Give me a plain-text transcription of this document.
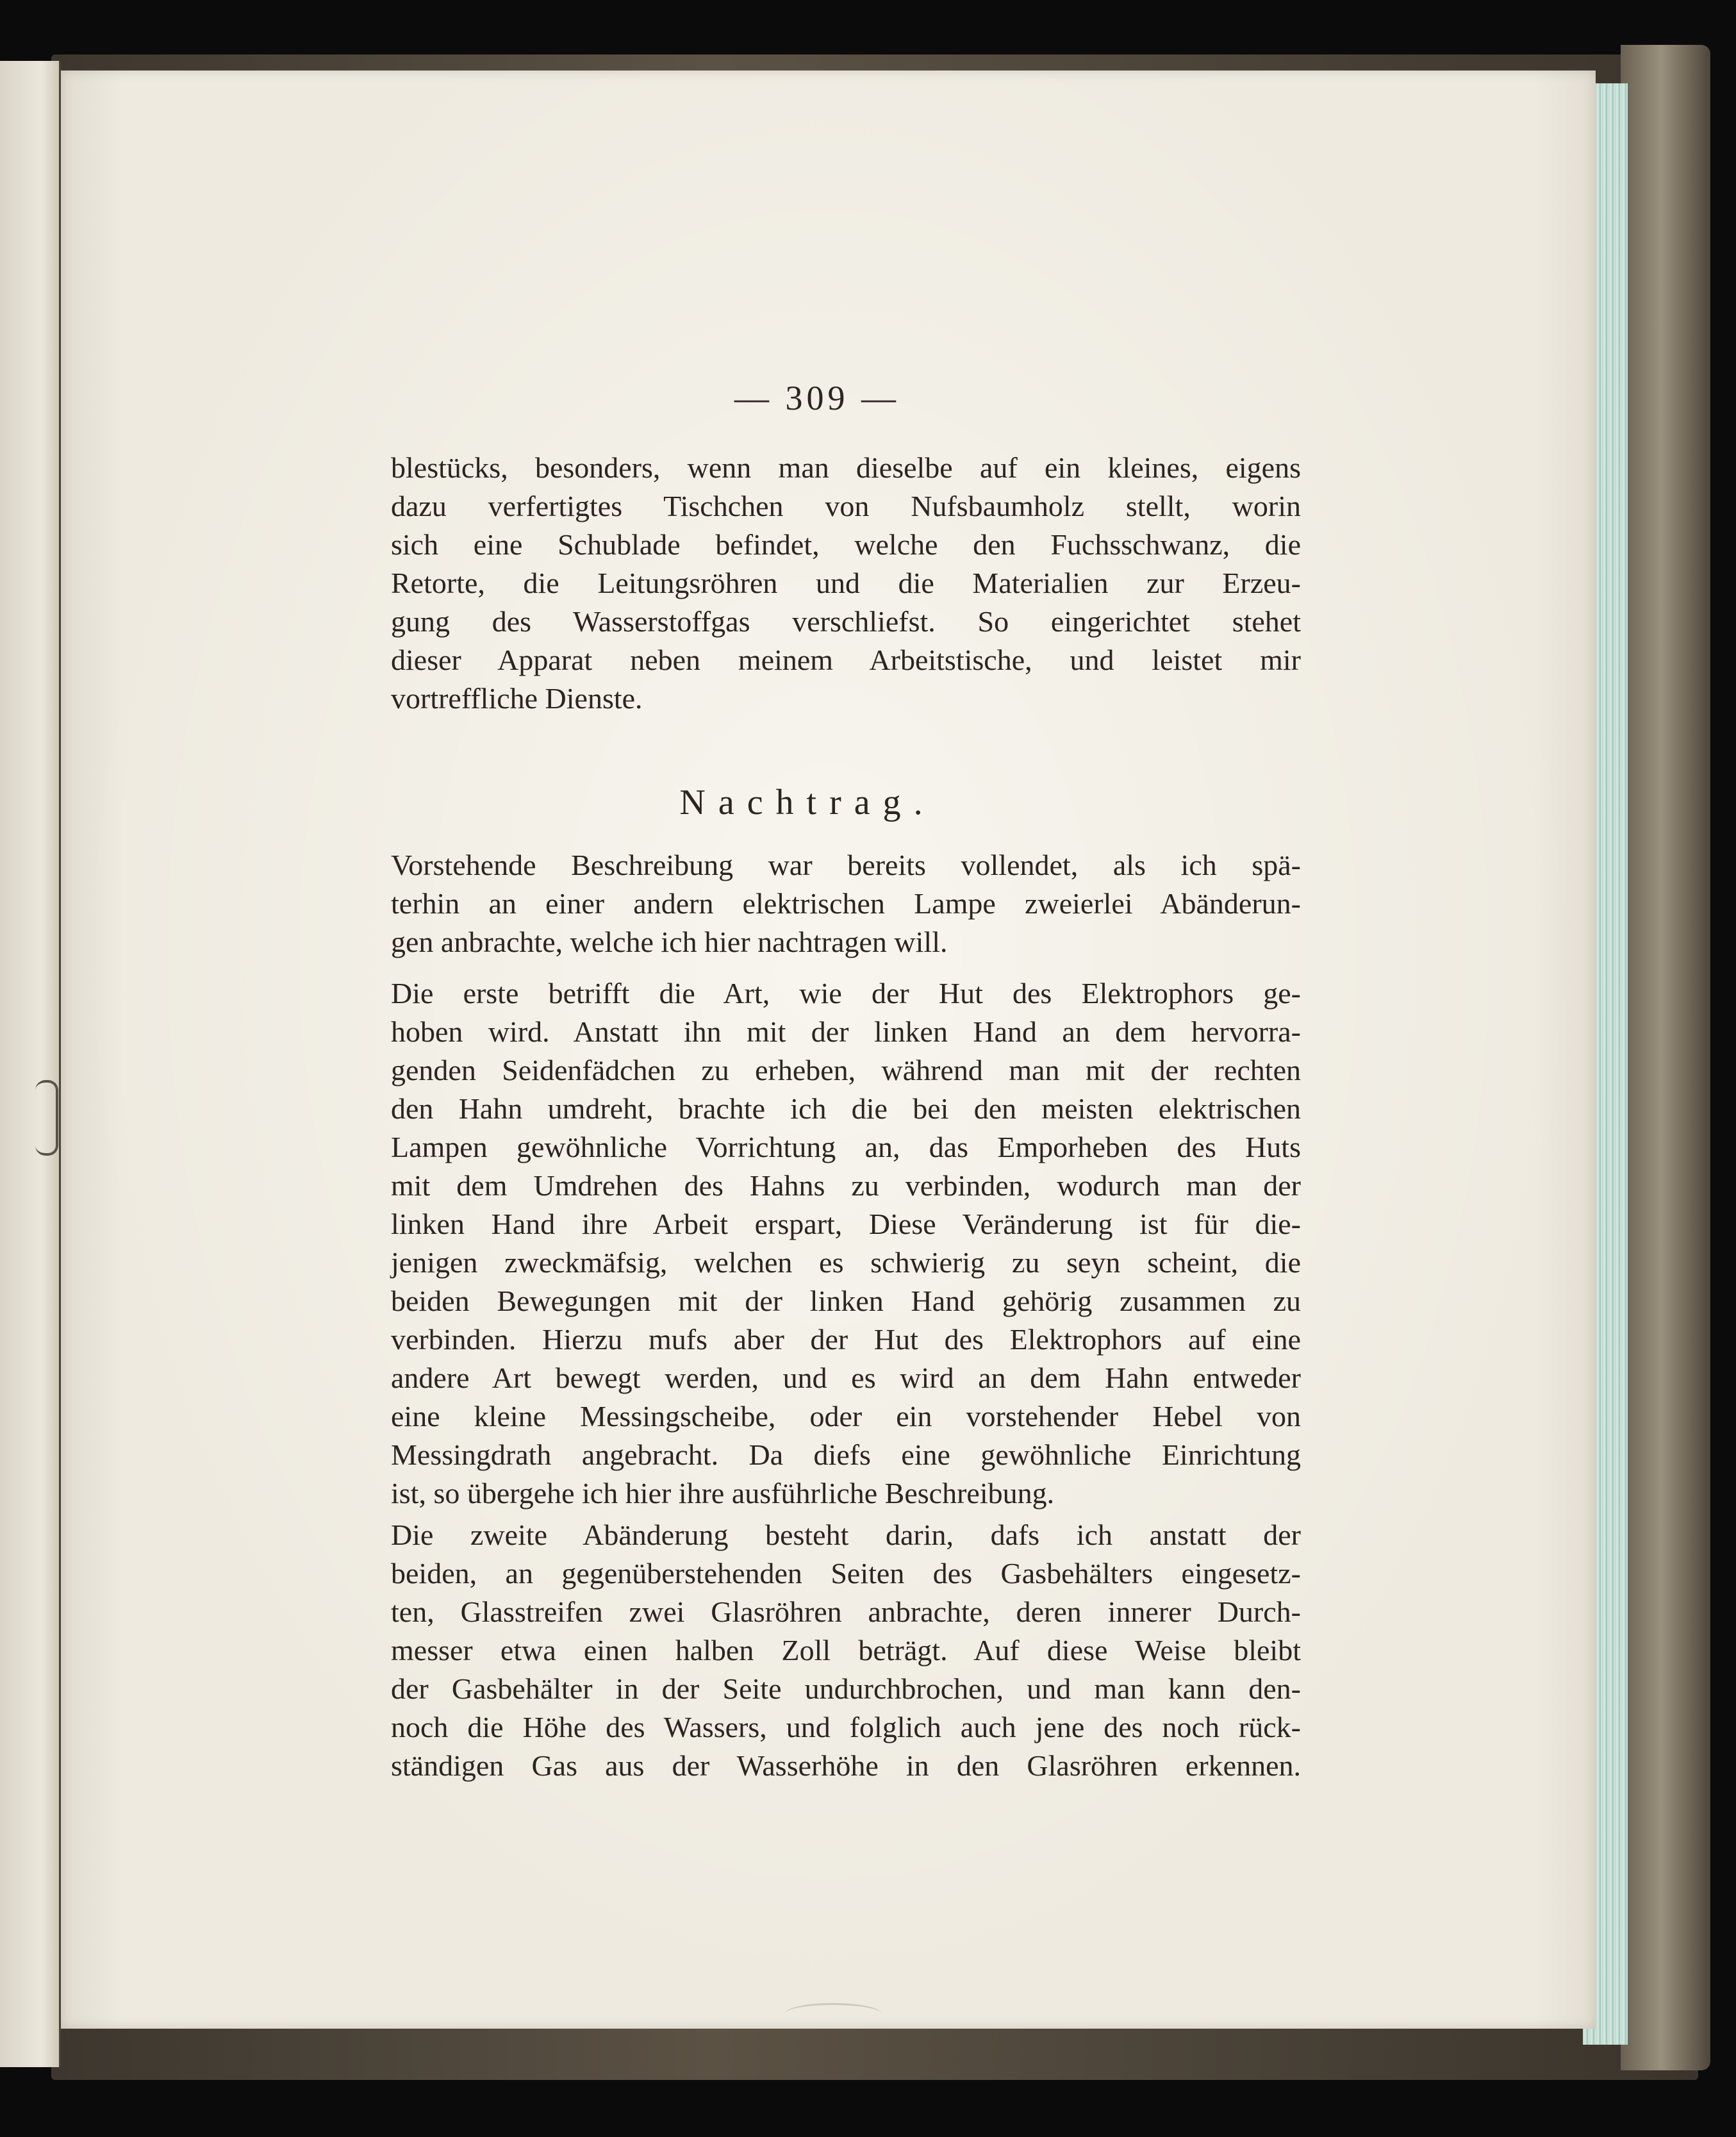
— 309 —
blestücks, besonders, wenn man dieselbe auf ein kleines, eigens
dazu verfertigtes Tischchen von Nufsbaumholz stellt, worin
sich eine Schublade befindet, welche den Fuchsschwanz, die
Retorte, die Leitungsröhren und die Materialien zur Erzeu-
gung des Wasserstoffgas verschliefst. So eingerichtet stehet
dieser Apparat neben meinem Arbeitstische, und leistet mir
vortreffliche Dienste.
Nachtrag.
Vorstehende Beschreibung war bereits vollendet, als ich spä-
terhin an einer andern elektrischen Lampe zweierlei Abänderun-
gen anbrachte, welche ich hier nachtragen will.
Die erste betrifft die Art, wie der Hut des Elektrophors ge-
hoben wird. Anstatt ihn mit der linken Hand an dem hervorra-
genden Seidenfädchen zu erheben, während man mit der rechten
den Hahn umdreht, brachte ich die bei den meisten elektrischen
Lampen gewöhnliche Vorrichtung an, das Emporheben des Huts
mit dem Umdrehen des Hahns zu verbinden, wodurch man der
linken Hand ihre Arbeit erspart, Diese Veränderung ist für die-
jenigen zweckmäfsig, welchen es schwierig zu seyn scheint, die
beiden Bewegungen mit der linken Hand gehörig zusammen zu
verbinden. Hierzu mufs aber der Hut des Elektrophors auf eine
andere Art bewegt werden, und es wird an dem Hahn entweder
eine kleine Messingscheibe, oder ein vorstehender Hebel von
Messingdrath angebracht. Da diefs eine gewöhnliche Einrichtung
ist, so übergehe ich hier ihre ausführliche Beschreibung.
Die zweite Abänderung besteht darin, dafs ich anstatt der
beiden, an gegenüberstehenden Seiten des Gasbehälters eingesetz-
ten, Glasstreifen zwei Glasröhren anbrachte, deren innerer Durch-
messer etwa einen halben Zoll beträgt. Auf diese Weise bleibt
der Gasbehälter in der Seite undurchbrochen, und man kann den-
noch die Höhe des Wassers, und folglich auch jene des noch rück-
ständigen Gas aus der Wasserhöhe in den Glasröhren erkennen.
